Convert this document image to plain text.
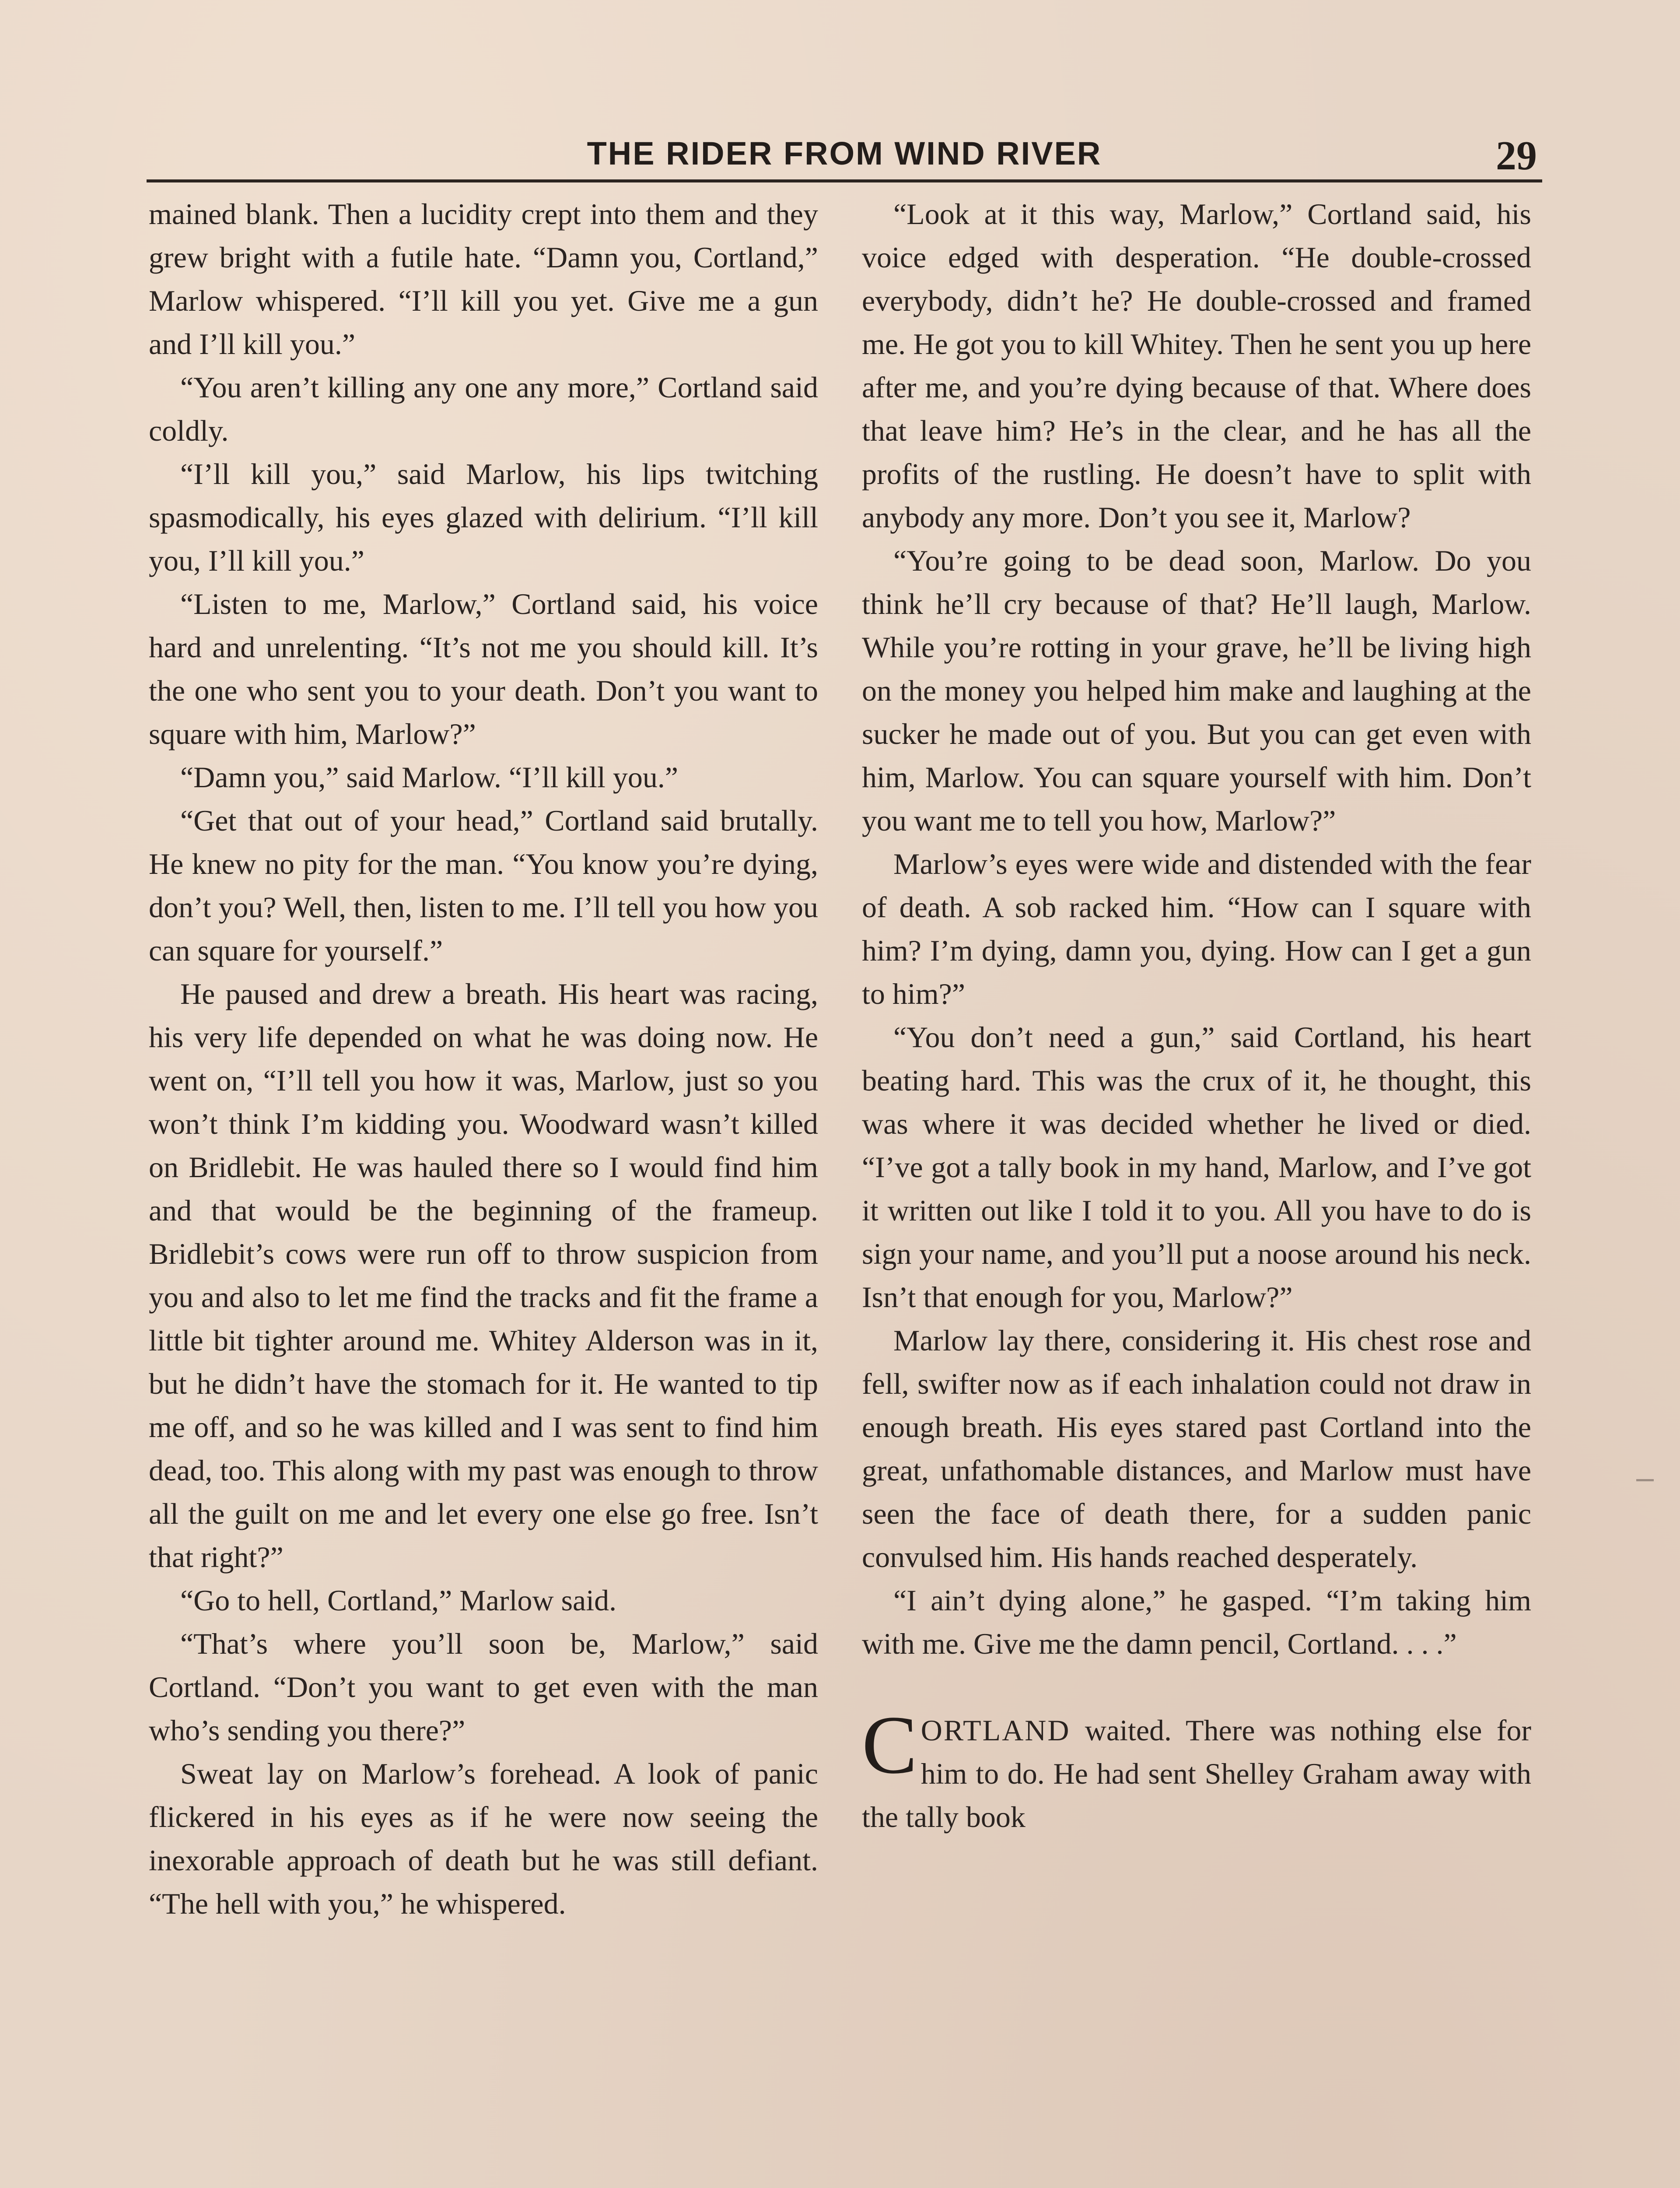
THE RIDER FROM WIND RIVER	29

mained blank. Then a lucidity crept into them and they grew bright with a futile hate. “Damn you, Cortland,” Marlow whispered. “I’ll kill you yet. Give me a gun and I’ll kill you.”

“You aren’t killing any one any more,” Cortland said coldly.

“I’ll kill you,” said Marlow, his lips twitching spasmodically, his eyes glazed with delirium. “I’ll kill you, I’ll kill you.”

“Listen to me, Marlow,” Cortland said, his voice hard and unrelenting. “It’s not me you should kill. It’s the one who sent you to your death. Don’t you want to square with him, Marlow?”

“Damn you,” said Marlow. “I’ll kill you.”

“Get that out of your head,” Cortland said brutally. He knew no pity for the man. “You know you’re dying, don’t you? Well, then, listen to me. I’ll tell you how you can square for yourself.”

He paused and drew a breath. His heart was racing, his very life depended on what he was doing now. He went on, “I’ll tell you how it was, Marlow, just so you won’t think I’m kidding you. Woodward wasn’t killed on Bridlebit. He was hauled there so I would find him and that would be the beginning of the frameup. Bridlebit’s cows were run off to throw suspicion from you and also to let me find the tracks and fit the frame a little bit tighter around me. Whitey Alderson was in it, but he didn’t have the stomach for it. He wanted to tip me off, and so he was killed and I was sent to find him dead, too. This along with my past was enough to throw all the guilt on me and let every one else go free. Isn’t that right?”

“Go to hell, Cortland,” Marlow said.

“That’s where you’ll soon be, Marlow,” said Cortland. “Don’t you want to get even with the man who’s sending you there?”

Sweat lay on Marlow’s forehead. A look of panic flickered in his eyes as if he were now seeing the inexorable approach of death but he was still defiant. “The hell with you,” he whispered.

“Look at it this way, Marlow,” Cortland said, his voice edged with desperation. “He double-crossed everybody, didn’t he? He double-crossed and framed me. He got you to kill Whitey. Then he sent you up here after me, and you’re dying because of that. Where does that leave him? He’s in the clear, and he has all the profits of the rustling. He doesn’t have to split with anybody any more. Don’t you see it, Marlow?

“You’re going to be dead soon, Marlow. Do you think he’ll cry because of that? He’ll laugh, Marlow. While you’re rotting in your grave, he’ll be living high on the money you helped him make and laughing at the sucker he made out of you. But you can get even with him, Marlow. You can square yourself with him. Don’t you want me to tell you how, Marlow?”

Marlow’s eyes were wide and distended with the fear of death. A sob racked him. “How can I square with him? I’m dying, damn you, dying. How can I get a gun to him?”

“You don’t need a gun,” said Cortland, his heart beating hard. This was the crux of it, he thought, this was where it was decided whether he lived or died. “I’ve got a tally book in my hand, Marlow, and I’ve got it written out like I told it to you. All you have to do is sign your name, and you’ll put a noose around his neck. Isn’t that enough for you, Marlow?”

Marlow lay there, considering it. His chest rose and fell, swifter now as if each inhalation could not draw in enough breath. His eyes stared past Cortland into the great, unfathomable distances, and Marlow must have seen the face of death there, for a sudden panic convulsed him. His hands reached desperately.

“I ain’t dying alone,” he gasped. “I’m taking him with me. Give me the damn pencil, Cortland. . . .”

CORTLAND waited. There was nothing else for him to do. He had sent Shelley Graham away with the tally book
